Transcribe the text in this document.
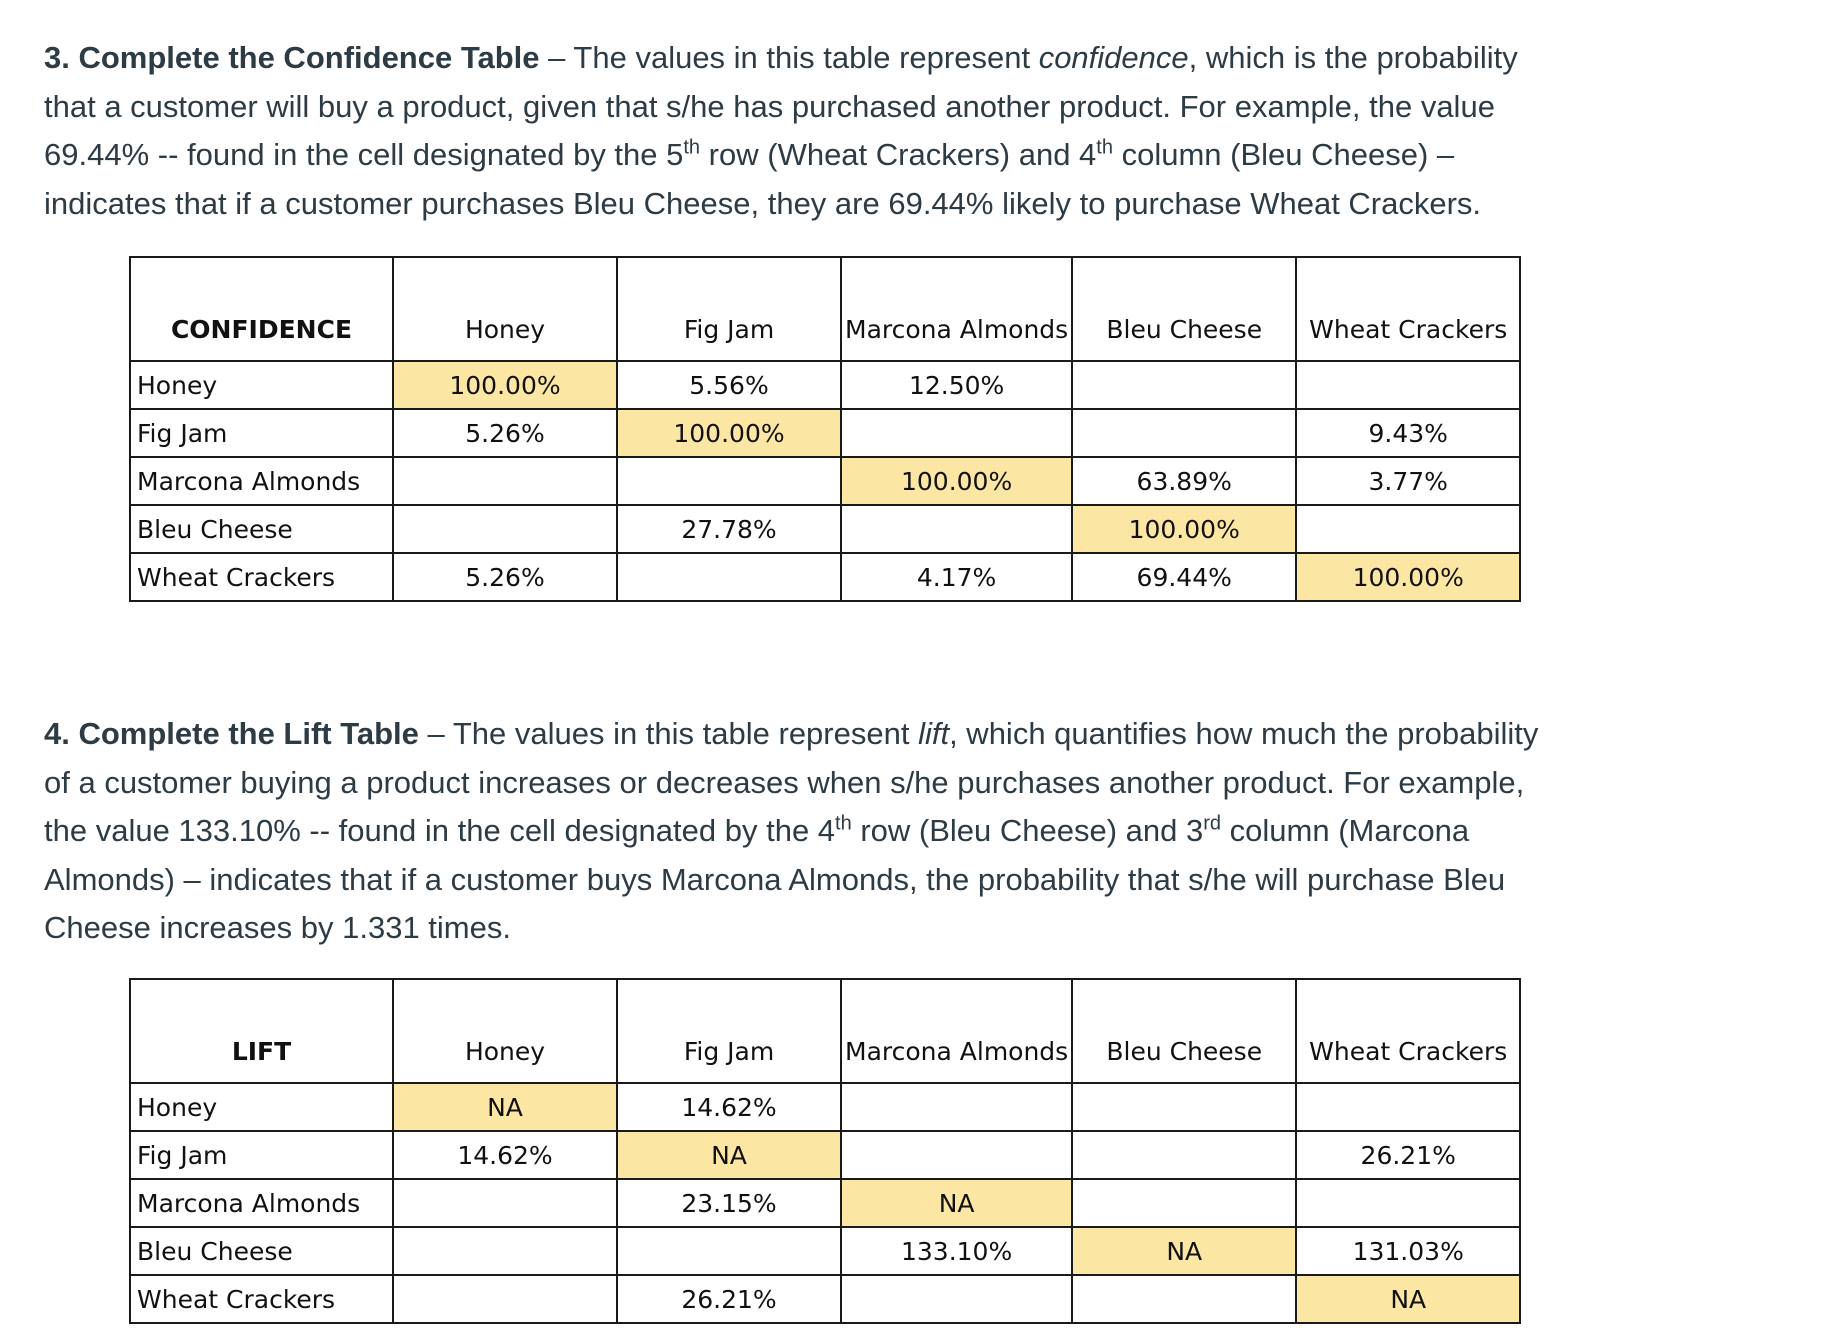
3. Complete the Confidence Table – The values in this table represent confidence, which is the probability that a customer will buy a product, given that s/he has purchased another product. For example, the value 69.44% -- found in the cell designated by the 5th row (Wheat Crackers) and 4th column (Bleu Cheese) – indicates that if a customer purchases Bleu Cheese, they are 69.44% likely to purchase Wheat Crackers.

CONFIDENCE	Honey	Fig Jam	Marcona Almonds	Bleu Cheese	Wheat Crackers
Honey	100.00%	5.56%	12.50%		
Fig Jam	5.26%	100.00%			9.43%
Marcona Almonds			100.00%	63.89%	3.77%
Bleu Cheese		27.78%		100.00%	
Wheat Crackers	5.26%		4.17%	69.44%	100.00%

4. Complete the Lift Table – The values in this table represent lift, which quantifies how much the probability of a customer buying a product increases or decreases when s/he purchases another product. For example, the value 133.10% -- found in the cell designated by the 4th row (Bleu Cheese) and 3rd column (Marcona Almonds) – indicates that if a customer buys Marcona Almonds, the probability that s/he will purchase Bleu Cheese increases by 1.331 times.

LIFT	Honey	Fig Jam	Marcona Almonds	Bleu Cheese	Wheat Crackers
Honey	NA	14.62%			
Fig Jam	14.62%	NA			26.21%
Marcona Almonds		23.15%	NA		
Bleu Cheese			133.10%	NA	131.03%
Wheat Crackers		26.21%			NA
